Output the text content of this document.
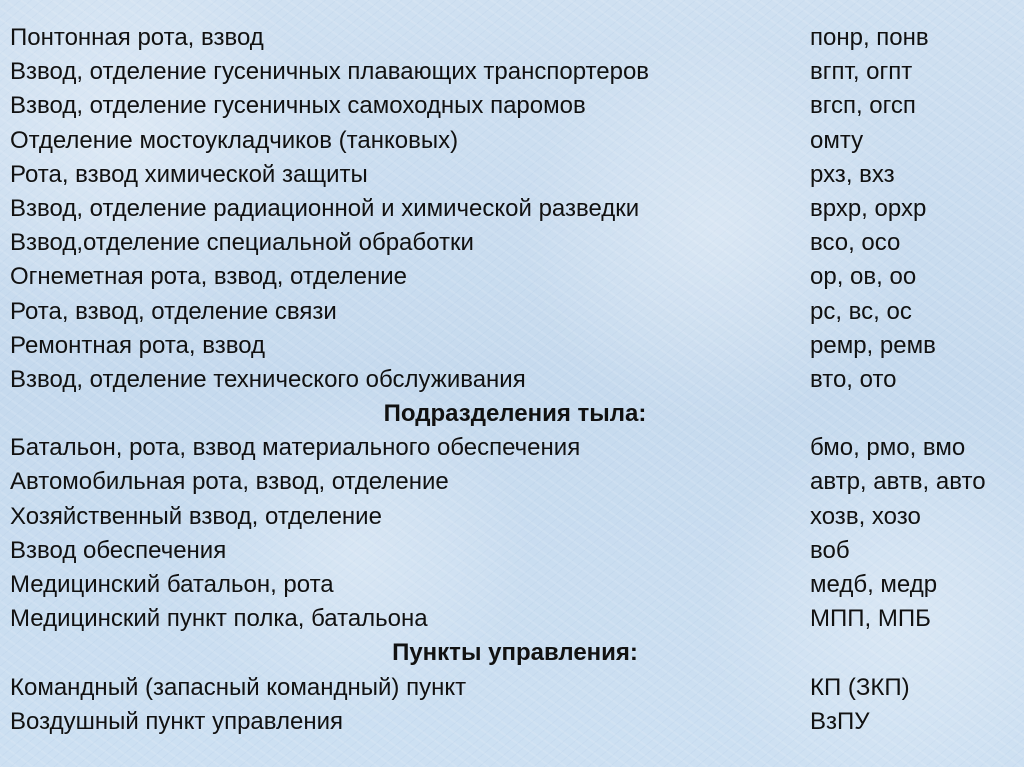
Понтонная рота, взвод	понр, понв
Взвод, отделение гусеничных плавающих транспортеров	вгпт, огпт
Взвод, отделение гусеничных самоходных паромов	вгсп, огсп
Отделение мостоукладчиков (танковых)	омту
Рота, взвод химической защиты	рхз, вхз
Взвод, отделение радиационной и химической разведки	врхр, орхр
Взвод,отделение специальной обработки	всо, осо
Огнеметная рота, взвод, отделение	ор, ов, оо
Рота, взвод, отделение связи	рс, вс, ос
Ремонтная рота, взвод	ремр, ремв
Взвод, отделение технического обслуживания	вто, ото
Подразделения тыла:
Батальон, рота, взвод материального обеспечения	бмо, рмо, вмо
Автомобильная рота, взвод, отделение	автр, автв, авто
Хозяйственный взвод, отделение	хозв, хозо
Взвод обеспечения	воб
Медицинский батальон, рота	медб, медр
Медицинский пункт полка, батальона	МПП, МПБ
Пункты управления:
Командный (запасный командный) пункт	КП (ЗКП)
Воздушный пункт управления	ВзПУ
